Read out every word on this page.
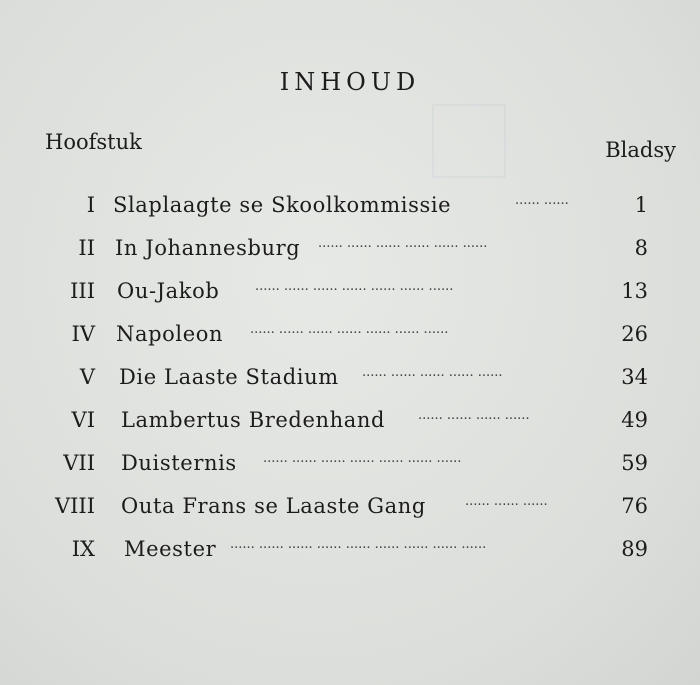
INHOUD
Hoofstuk	Bladsy
I Slaplaagte se Skoolkommissie	...... ......	1
II In Johannesburg ...... ...... ...... ...... ...... ......	8
III Ou-Jakob	...... ...... ...... ...... ...... ...... ......	13
IV Napoleon ...... ...... ...... ...... ...... ...... ......	26
V Die Laaste Stadium ...... ...... ...... ...... ......	34
VI Lambertus Bredenhand	...... ...... ...... ......	49
VII Duisternis ...... ...... ...... ...... ...... ...... ......	59
VIII Outa Frans se Laaste Gang	...... ...... ......	76
IX Meester ...... ...... ...... ...... ...... ...... ...... ...... ......	89
